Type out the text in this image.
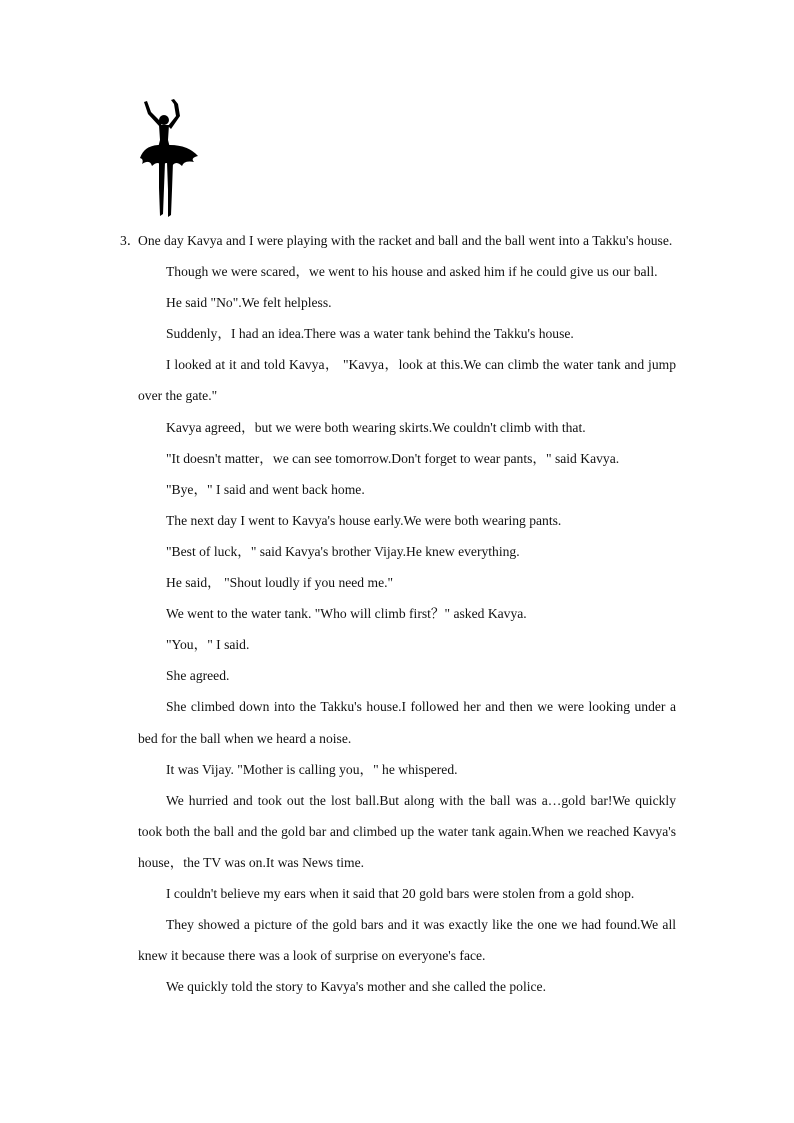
3．
One day Kavya and I were playing with the racket and ball and the ball went into a Takku's house.

Though we were scared，we went to his house and asked him if he could give us our ball.

He said "No".We felt helpless.

Suddenly，I had an idea.There was a water tank behind the Takku's house.

I looked at it and told Kavya， "Kavya，look at this.We can climb the water tank and jump over the gate."

Kavya agreed，but we were both wearing skirts.We couldn't climb with that.

"It doesn't matter，we can see tomorrow.Don't forget to wear pants，" said Kavya.

"Bye，" I said and went back home.

The next day I went to Kavya's house early.We were both wearing pants.

"Best of luck，" said Kavya's brother Vijay.He knew everything.

He said， "Shout loudly if you need me."

We went to the water tank. "Who will climb first？" asked Kavya.

"You，" I said.

She agreed.

She climbed down into the Takku's house.I followed her and then we were looking under a bed for the ball when we heard a noise.

It was Vijay. "Mother is calling you，" he whispered.

We hurried and took out the lost ball.But along with the ball was a…gold bar!We quickly took both the ball and the gold bar and climbed up the water tank again.When we reached Kavya's house，the TV was on.It was News time.

I couldn't believe my ears when it said that 20 gold bars were stolen from a gold shop.

They showed a picture of the gold bars and it was exactly like the one we had found.We all knew it because there was a look of surprise on everyone's face.

We quickly told the story to Kavya's mother and she called the police.
